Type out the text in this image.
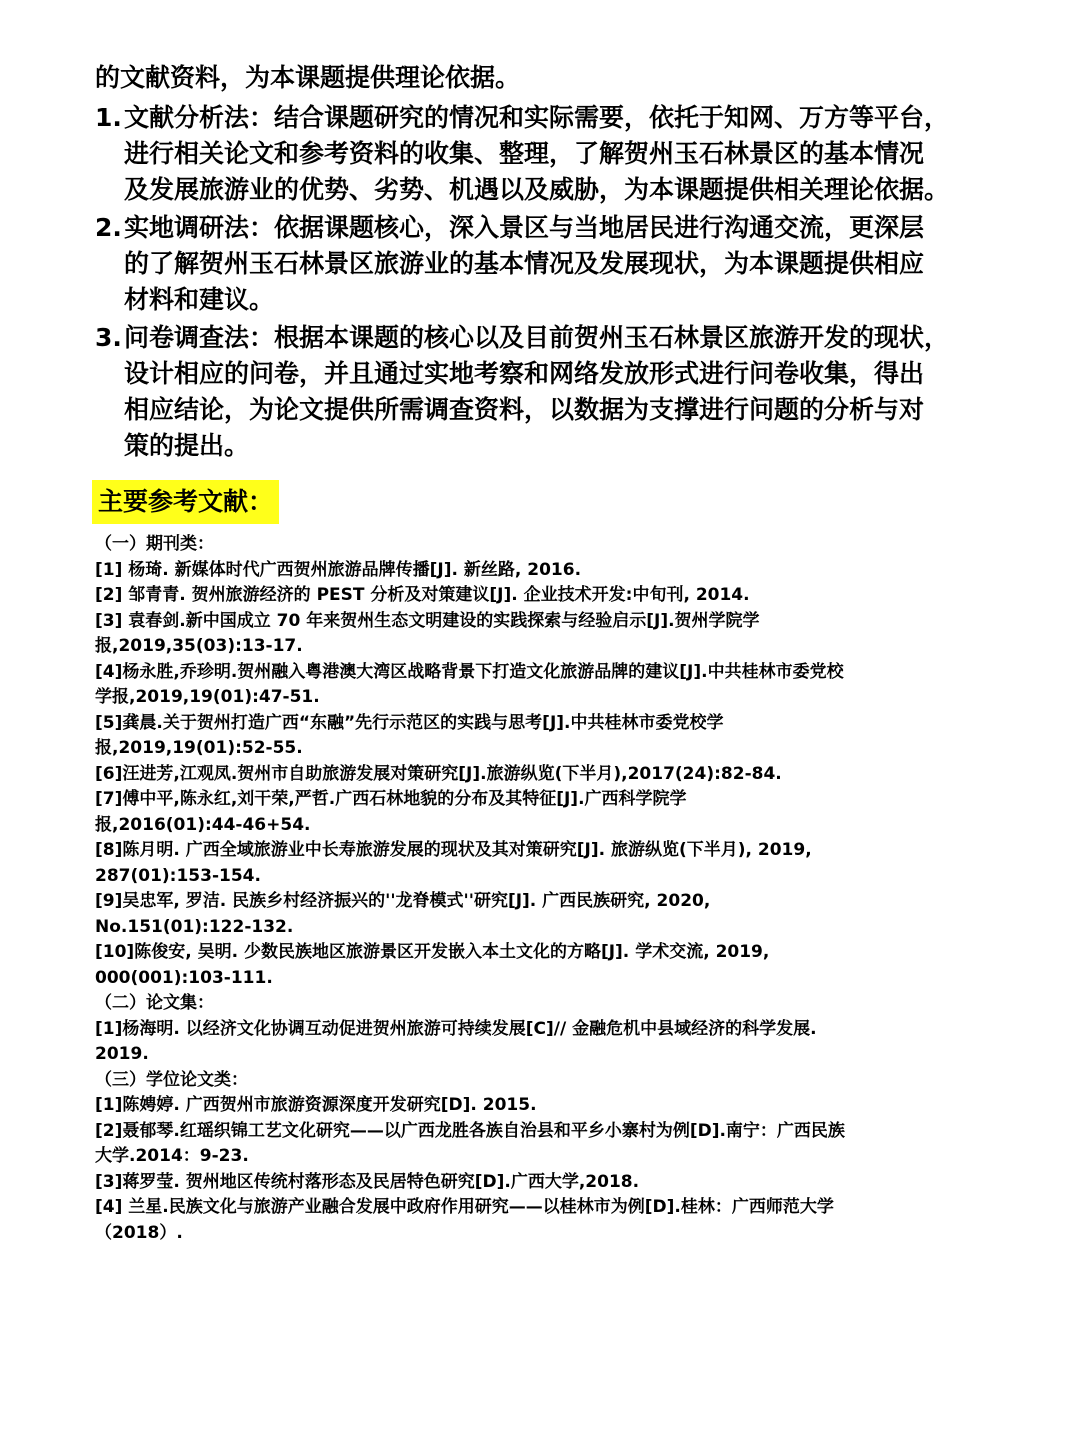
的文献资料，为本课题提供理论依据。
1. 文献分析法：结合课题研究的情况和实际需要，依托于知网、万方等平台，
进行相关论文和参考资料的收集、整理，了解贺州玉石林景区的基本情况
及发展旅游业的优势、劣势、机遇以及威胁，为本课题提供相关理论依据。
2. 实地调研法：依据课题核心，深入景区与当地居民进行沟通交流，更深层
的了解贺州玉石林景区旅游业的基本情况及发展现状，为本课题提供相应
材料和建议。
3. 问卷调查法：根据本课题的核心以及目前贺州玉石林景区旅游开发的现状，
设计相应的问卷，并且通过实地考察和网络发放形式进行问卷收集，得出
相应结论，为论文提供所需调查资料，以数据为支撑进行问题的分析与对
策的提出。
主要参考文献：
（一）期刊类：
[1] 杨琦. 新媒体时代广西贺州旅游品牌传播[J]. 新丝路, 2016.
[2] 邹青青. 贺州旅游经济的 PEST 分析及对策建议[J]. 企业技术开发:中旬刊, 2014.
[3] 袁春剑.新中国成立 70 年来贺州生态文明建设的实践探索与经验启示[J].贺州学院学
报,2019,35(03):13-17.
[4]杨永胜,乔珍明.贺州融入粤港澳大湾区战略背景下打造文化旅游品牌的建议[J].中共桂林市委党校
学报,2019,19(01):47-51.
[5]龚晨.关于贺州打造广西“东融”先行示范区的实践与思考[J].中共桂林市委党校学
报,2019,19(01):52-55.
[6]汪进芳,江观凤.贺州市自助旅游发展对策研究[J].旅游纵览(下半月),2017(24):82-84.
[7]傅中平,陈永红,刘干荣,严哲.广西石林地貌的分布及其特征[J].广西科学院学
报,2016(01):44-46+54.
[8]陈月明. 广西全域旅游业中长寿旅游发展的现状及其对策研究[J]. 旅游纵览(下半月), 2019,
287(01):153-154.
[9]吴忠军, 罗洁. 民族乡村经济振兴的''龙脊模式''研究[J]. 广西民族研究, 2020,
No.151(01):122-132.
[10]陈俊安, 吴明. 少数民族地区旅游景区开发嵌入本土文化的方略[J]. 学术交流, 2019,
000(001):103-111.
（二）论文集：
[1]杨海明. 以经济文化协调互动促进贺州旅游可持续发展[C]// 金融危机中县域经济的科学发展.
2019.
（三）学位论文类：
[1]陈娉婷. 广西贺州市旅游资源深度开发研究[D]. 2015.
[2]聂郁琴.红瑶织锦工艺文化研究——以广西龙胜各族自治县和平乡小寨村为例[D].南宁：广西民族
大学.2014：9-23.
[3]蒋罗莹. 贺州地区传统村落形态及民居特色研究[D].广西大学,2018.
[4] 兰星.民族文化与旅游产业融合发展中政府作用研究——以桂林市为例[D].桂林：广西师范大学
（2018）.
